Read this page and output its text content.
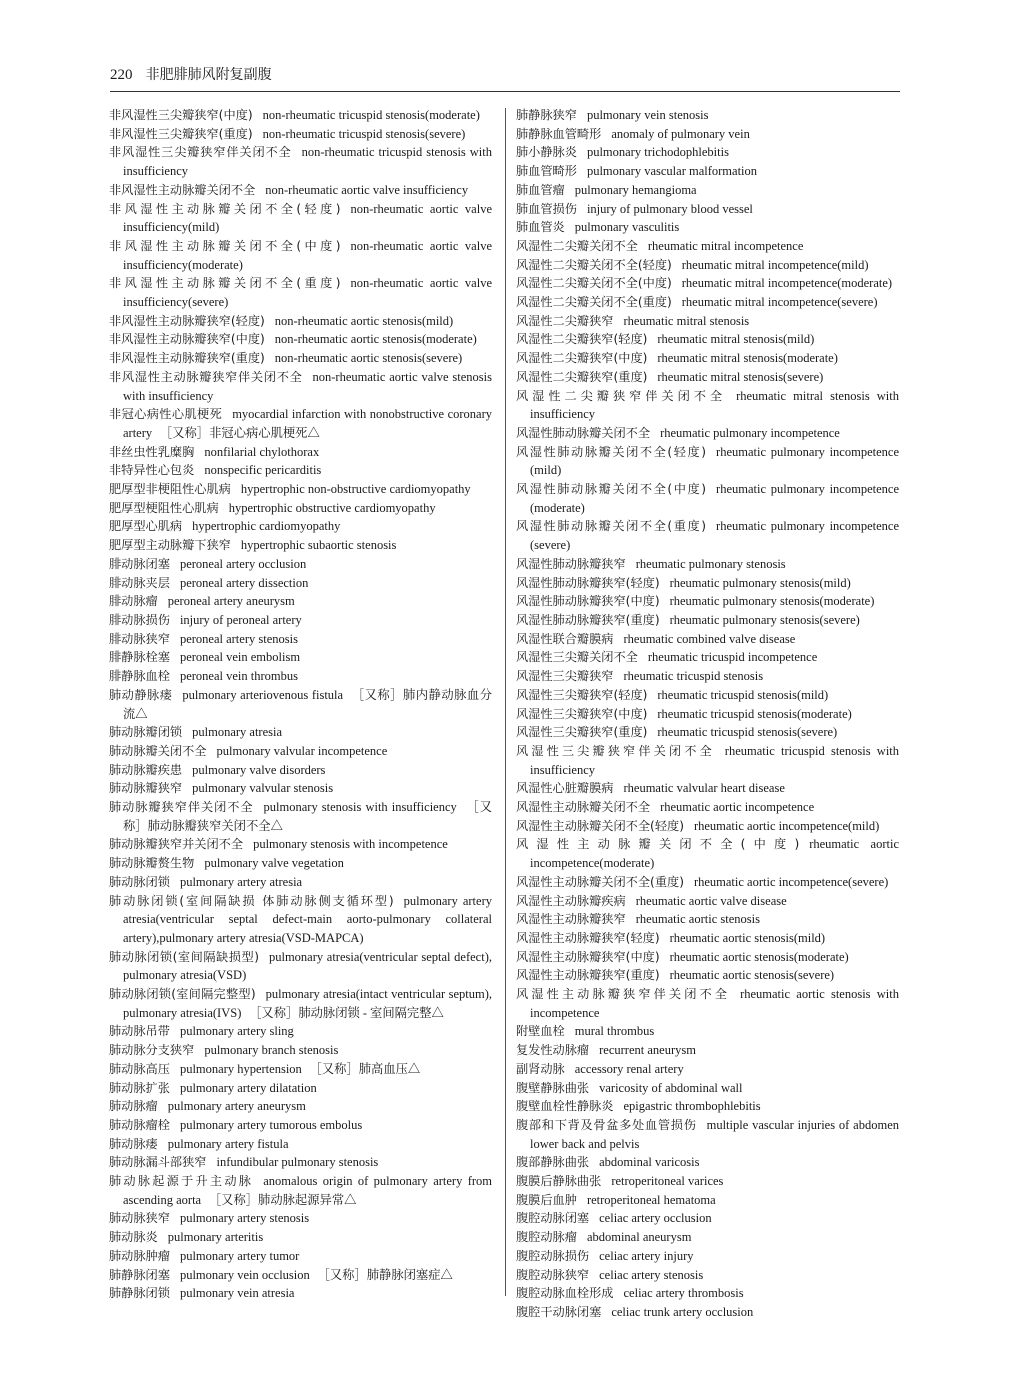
220 非肥腓肺风附复副腹
非风湿性三尖瓣狭窄(中度) non-rheumatic tricuspid stenosis(moderate)
非风湿性三尖瓣狭窄(重度) non-rheumatic tricuspid stenosis(severe)
非风湿性三尖瓣狭窄伴关闭不全 non-rheumatic tricuspid stenosis with insufficiency
非风湿性主动脉瓣关闭不全 non-rheumatic aortic valve insufficiency
非风湿性主动脉瓣关闭不全(轻度) non-rheumatic aortic valve insufficiency(mild)
非风湿性主动脉瓣关闭不全(中度) non-rheumatic aortic valve insufficiency(moderate)
非风湿性主动脉瓣关闭不全(重度) non-rheumatic aortic valve insufficiency(severe)
非风湿性主动脉瓣狭窄(轻度) non-rheumatic aortic stenosis(mild)
非风湿性主动脉瓣狭窄(中度) non-rheumatic aortic stenosis(moderate)
非风湿性主动脉瓣狭窄(重度) non-rheumatic aortic stenosis(severe)
非风湿性主动脉瓣狭窄伴关闭不全 non-rheumatic aortic valve stenosis with insufficiency
非冠心病性心肌梗死 myocardial infarction with nonobstructive coronary artery ［又称］非冠心病心肌梗死△
非丝虫性乳糜胸 nonfilarial chylothorax
非特异性心包炎 nonspecific pericarditis
肥厚型非梗阻性心肌病 hypertrophic non-obstructive cardiomyopathy
肥厚型梗阻性心肌病 hypertrophic obstructive cardiomyopathy
肥厚型心肌病 hypertrophic cardiomyopathy
肥厚型主动脉瓣下狭窄 hypertrophic subaortic stenosis
腓动脉闭塞 peroneal artery occlusion
腓动脉夹层 peroneal artery dissection
腓动脉瘤 peroneal artery aneurysm
腓动脉损伤 injury of peroneal artery
腓动脉狭窄 peroneal artery stenosis
腓静脉栓塞 peroneal vein embolism
腓静脉血栓 peroneal vein thrombus
肺动静脉瘘 pulmonary arteriovenous fistula ［又称］肺内静动脉血分流△
肺动脉瓣闭锁 pulmonary atresia
肺动脉瓣关闭不全 pulmonary valvular incompetence
肺动脉瓣疾患 pulmonary valve disorders
肺动脉瓣狭窄 pulmonary valvular stenosis
肺动脉瓣狭窄伴关闭不全 pulmonary stenosis with insufficiency ［又称］肺动脉瓣狭窄关闭不全△
肺动脉瓣狭窄并关闭不全 pulmonary stenosis with incompetence
肺动脉瓣赘生物 pulmonary valve vegetation
肺动脉闭锁 pulmonary artery atresia
肺动脉闭锁(室间隔缺损 体肺动脉侧支循环型) pulmonary artery atresia(ventricular septal defect-main aorto-pulmonary collateral artery),pulmonary artery atresia(VSD-MAPCA)
肺动脉闭锁(室间隔缺损型) pulmonary atresia(ventricular septal defect), pulmonary atresia(VSD)
肺动脉闭锁(室间隔完整型) pulmonary atresia(intact ventricular septum), pulmonary atresia(IVS) ［又称］肺动脉闭锁 - 室间隔完整△
肺动脉吊带 pulmonary artery sling
肺动脉分支狭窄 pulmonary branch stenosis
肺动脉高压 pulmonary hypertension ［又称］肺高血压△
肺动脉扩张 pulmonary artery dilatation
肺动脉瘤 pulmonary artery aneurysm
肺动脉瘤栓 pulmonary artery tumorous embolus
肺动脉瘘 pulmonary artery fistula
肺动脉漏斗部狭窄 infundibular pulmonary stenosis
肺动脉起源于升主动脉 anomalous origin of pulmonary artery from ascending aorta ［又称］肺动脉起源异常△
肺动脉狭窄 pulmonary artery stenosis
肺动脉炎 pulmonary arteritis
肺动脉肿瘤 pulmonary artery tumor
肺静脉闭塞 pulmonary vein occlusion ［又称］肺静脉闭塞症△
肺静脉闭锁 pulmonary vein atresia
肺静脉狭窄 pulmonary vein stenosis
肺静脉血管畸形 anomaly of pulmonary vein
肺小静脉炎 pulmonary trichodophlebitis
肺血管畸形 pulmonary vascular malformation
肺血管瘤 pulmonary hemangioma
肺血管损伤 injury of pulmonary blood vessel
肺血管炎 pulmonary vasculitis
风湿性二尖瓣关闭不全 rheumatic mitral incompetence
风湿性二尖瓣关闭不全(轻度) rheumatic mitral incompetence(mild)
风湿性二尖瓣关闭不全(中度) rheumatic mitral incompetence(moderate)
风湿性二尖瓣关闭不全(重度) rheumatic mitral incompetence(severe)
风湿性二尖瓣狭窄 rheumatic mitral stenosis
风湿性二尖瓣狭窄(轻度) rheumatic mitral stenosis(mild)
风湿性二尖瓣狭窄(中度) rheumatic mitral stenosis(moderate)
风湿性二尖瓣狭窄(重度) rheumatic mitral stenosis(severe)
风湿性二尖瓣狭窄伴关闭不全 rheumatic mitral stenosis with insufficiency
风湿性肺动脉瓣关闭不全 rheumatic pulmonary incompetence
风湿性肺动脉瓣关闭不全(轻度) rheumatic pulmonary incompetence (mild)
风湿性肺动脉瓣关闭不全(中度) rheumatic pulmonary incompetence (moderate)
风湿性肺动脉瓣关闭不全(重度) rheumatic pulmonary incompetence (severe)
风湿性肺动脉瓣狭窄 rheumatic pulmonary stenosis
风湿性肺动脉瓣狭窄(轻度) rheumatic pulmonary stenosis(mild)
风湿性肺动脉瓣狭窄(中度) rheumatic pulmonary stenosis(moderate)
风湿性肺动脉瓣狭窄(重度) rheumatic pulmonary stenosis(severe)
风湿性联合瓣膜病 rheumatic combined valve disease
风湿性三尖瓣关闭不全 rheumatic tricuspid incompetence
风湿性三尖瓣狭窄 rheumatic tricuspid stenosis
风湿性三尖瓣狭窄(轻度) rheumatic tricuspid stenosis(mild)
风湿性三尖瓣狭窄(中度) rheumatic tricuspid stenosis(moderate)
风湿性三尖瓣狭窄(重度) rheumatic tricuspid stenosis(severe)
风湿性三尖瓣狭窄伴关闭不全 rheumatic tricuspid stenosis with insufficiency
风湿性心脏瓣膜病 rheumatic valvular heart disease
风湿性主动脉瓣关闭不全 rheumatic aortic incompetence
风湿性主动脉瓣关闭不全(轻度) rheumatic aortic incompetence(mild)
风湿性主动脉瓣关闭不全(中度) rheumatic aortic incompetence(moderate)
风湿性主动脉瓣关闭不全(重度) rheumatic aortic incompetence(severe)
风湿性主动脉瓣疾病 rheumatic aortic valve disease
风湿性主动脉瓣狭窄 rheumatic aortic stenosis
风湿性主动脉瓣狭窄(轻度) rheumatic aortic stenosis(mild)
风湿性主动脉瓣狭窄(中度) rheumatic aortic stenosis(moderate)
风湿性主动脉瓣狭窄(重度) rheumatic aortic stenosis(severe)
风湿性主动脉瓣狭窄伴关闭不全 rheumatic aortic stenosis with incompetence
附壁血栓 mural thrombus
复发性动脉瘤 recurrent aneurysm
副肾动脉 accessory renal artery
腹壁静脉曲张 varicosity of abdominal wall
腹壁血栓性静脉炎 epigastric thrombophlebitis
腹部和下背及骨盆多处血管损伤 multiple vascular injuries of abdomen lower back and pelvis
腹部静脉曲张 abdominal varicosis
腹膜后静脉曲张 retroperitoneal varices
腹膜后血肿 retroperitoneal hematoma
腹腔动脉闭塞 celiac artery occlusion
腹腔动脉瘤 abdominal aneurysm
腹腔动脉损伤 celiac artery injury
腹腔动脉狭窄 celiac artery stenosis
腹腔动脉血栓形成 celiac artery thrombosis
腹腔干动脉闭塞 celiac trunk artery occlusion
